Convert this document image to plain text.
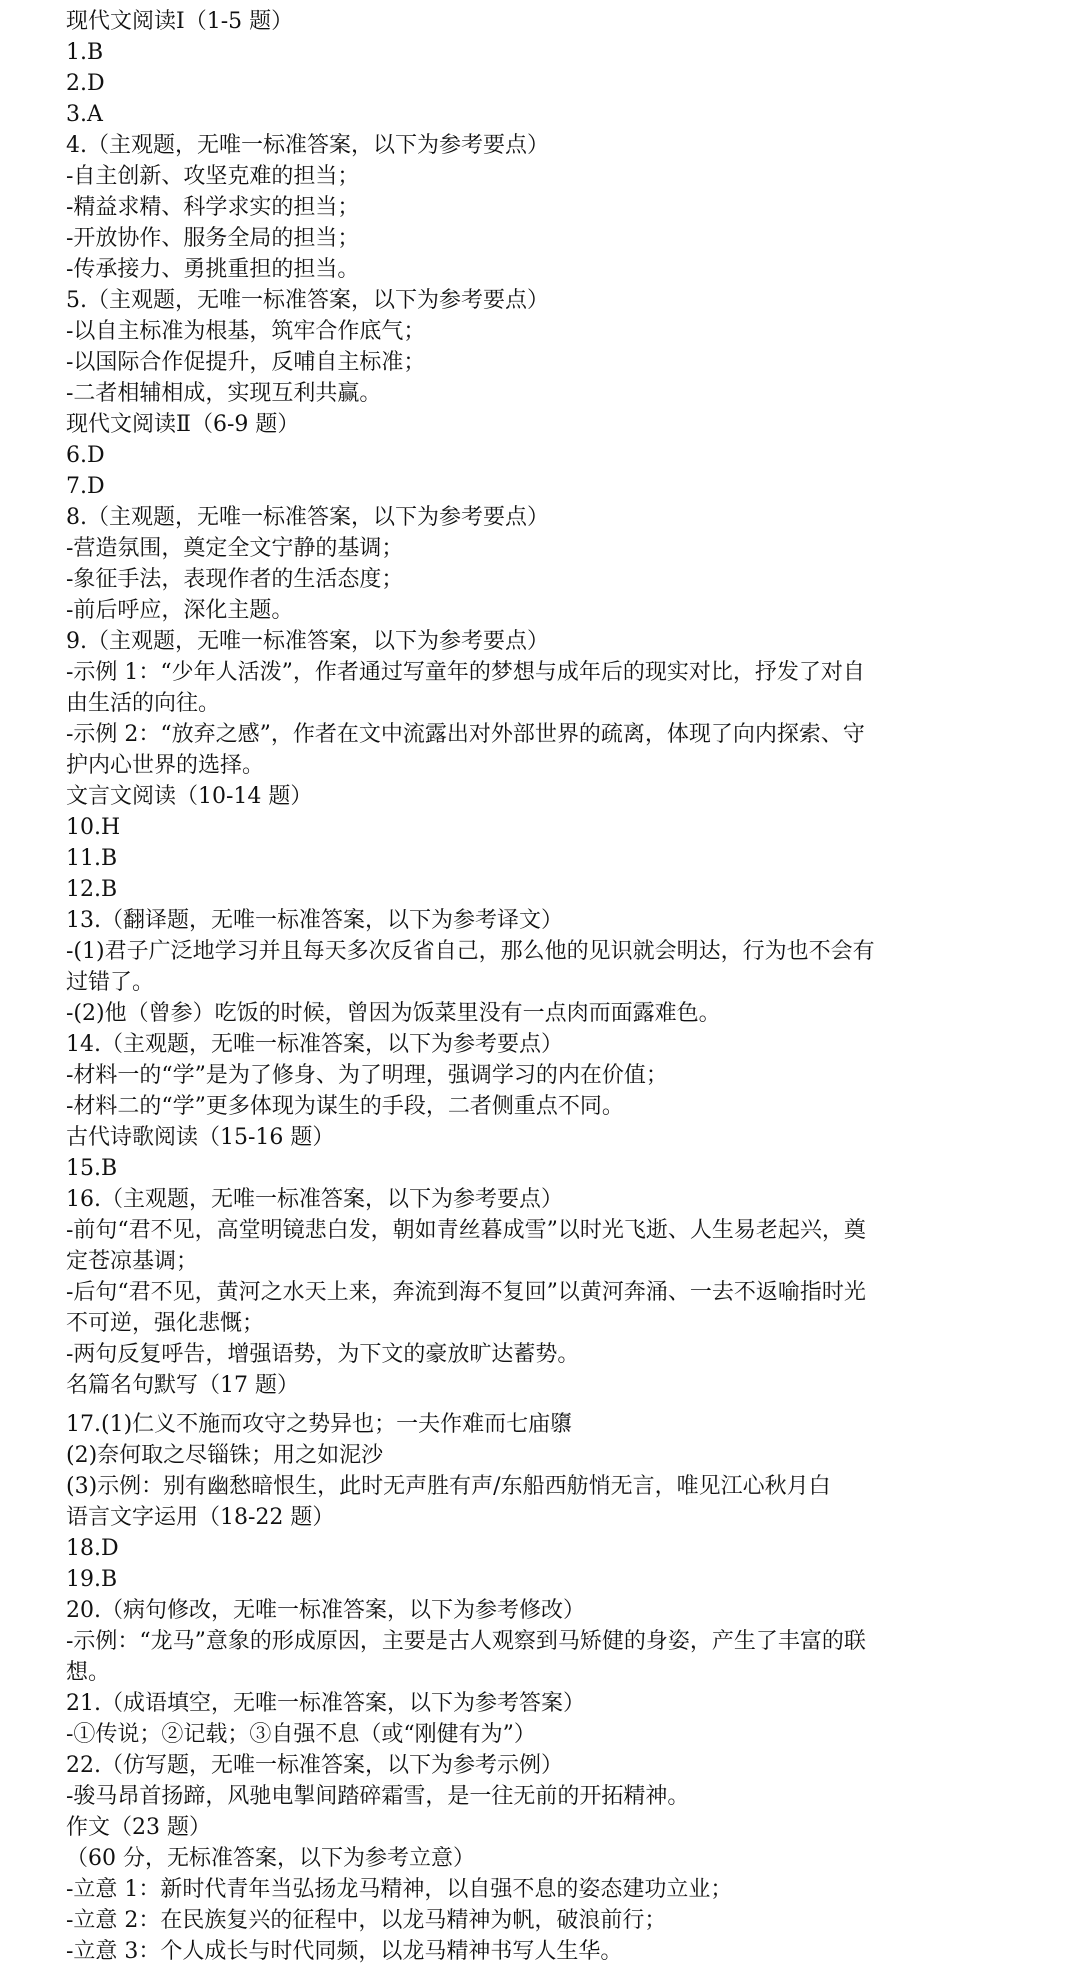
现代文阅读Ⅰ（1-5 题）
1.B
2.D
3.A
4.（主观题，无唯一标准答案，以下为参考要点）
-自主创新、攻坚克难的担当；
-精益求精、科学求实的担当；
-开放协作、服务全局的担当；
-传承接力、勇挑重担的担当。
5.（主观题，无唯一标准答案，以下为参考要点）
-以自主标准为根基，筑牢合作底气；
-以国际合作促提升，反哺自主标准；
-二者相辅相成，实现互利共赢。
现代文阅读Ⅱ（6-9 题）
6.D
7.D
8.（主观题，无唯一标准答案，以下为参考要点）
-营造氛围，奠定全文宁静的基调；
-象征手法，表现作者的生活态度；
-前后呼应，深化主题。
9.（主观题，无唯一标准答案，以下为参考要点）
-示例 1：“少年人活泼”，作者通过写童年的梦想与成年后的现实对比，抒发了对自
由生活的向往。
-示例 2：“放弃之感”，作者在文中流露出对外部世界的疏离，体现了向内探索、守
护内心世界的选择。
文言文阅读（10-14 题）
10.H
11.B
12.B
13.（翻译题，无唯一标准答案，以下为参考译文）
-(1)君子广泛地学习并且每天多次反省自己，那么他的见识就会明达，行为也不会有
过错了。
-(2)他（曾参）吃饭的时候，曾因为饭菜里没有一点肉而面露难色。
14.（主观题，无唯一标准答案，以下为参考要点）
-材料一的“学”是为了修身、为了明理，强调学习的内在价值；
-材料二的“学”更多体现为谋生的手段，二者侧重点不同。
古代诗歌阅读（15-16 题）
15.B
16.（主观题，无唯一标准答案，以下为参考要点）
-前句“君不见，高堂明镜悲白发，朝如青丝暮成雪”以时光飞逝、人生易老起兴，奠
定苍凉基调；
-后句“君不见，黄河之水天上来，奔流到海不复回”以黄河奔涌、一去不返喻指时光
不可逆，强化悲慨；
-两句反复呼告，增强语势，为下文的豪放旷达蓄势。
名篇名句默写（17 题）
17.(1)仁义不施而攻守之势异也；一夫作难而七庙隳
(2)奈何取之尽锱铢；用之如泥沙
(3)示例：别有幽愁暗恨生，此时无声胜有声/东船西舫悄无言，唯见江心秋月白
语言文字运用（18-22 题）
18.D
19.B
20.（病句修改，无唯一标准答案，以下为参考修改）
-示例：“龙马”意象的形成原因，主要是古人观察到马矫健的身姿，产生了丰富的联
想。
21.（成语填空，无唯一标准答案，以下为参考答案）
-①传说；②记载；③自强不息（或“刚健有为”）
22.（仿写题，无唯一标准答案，以下为参考示例）
-骏马昂首扬蹄，风驰电掣间踏碎霜雪，是一往无前的开拓精神。
作文（23 题）
（60 分，无标准答案，以下为参考立意）
-立意 1：新时代青年当弘扬龙马精神，以自强不息的姿态建功立业；
-立意 2：在民族复兴的征程中，以龙马精神为帆，破浪前行；
-立意 3：个人成长与时代同频，以龙马精神书写人生华。
